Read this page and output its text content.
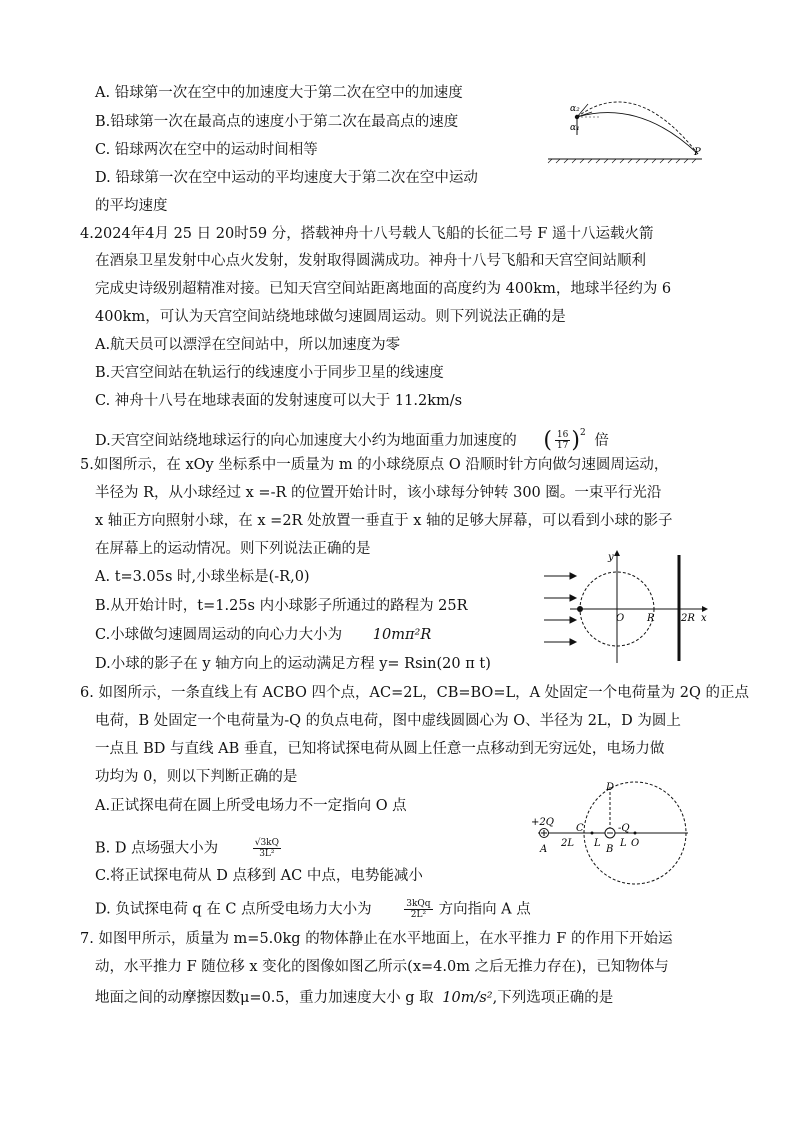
A. 铅球第一次在空中的加速度大于第二次在空中的加速度
B.铅球第一次在最高点的速度小于第二次在最高点的速度
C. 铅球两次在空中的运动时间相等
D. 铅球第一次在空中运动的平均速度大于第二次在空中运动
的平均速度
α₂
α₁
P
4.2024年4月 25 日 20时59 分，搭载神舟十八号载人飞船的长征二号 F 遥十八运载火箭
在酒泉卫星发射中心点火发射，发射取得圆满成功。神舟十八号飞船和天宫空间站顺利
完成史诗级别超精准对接。已知天宫空间站距离地面的高度约为 400km，地球半径约为 6
400km，可认为天宫空间站绕地球做匀速圆周运动。则下列说法正确的是
A.航天员可以漂浮在空间站中，所以加速度为零
B.天宫空间站在轨运行的线速度小于同步卫星的线速度
C. 神舟十八号在地球表面的发射速度可以大于 11.2km/s
D.天宫空间站绕地球运行的向心加速度大小约为地面重力加速度的 ( $\frac{16}{17} )^2$ 倍
5.如图所示，在 xOy 坐标系中一质量为 m 的小球绕原点 O 沿顺时针方向做匀速圆周运动，
半径为 R，从小球经过 x =-R 的位置开始计时，该小球每分钟转 300 圈。一束平行光沿
x 轴正方向照射小球，在 x =2R 处放置一垂直于 x 轴的足够大屏幕，可以看到小球的影子
在屏幕上的运动情况。则下列说法正确的是
A. t=3.05s 时,小球坐标是(-R,0)
B.从开始计时，t=1.25s 内小球影子所通过的路程为 25R
C.小球做匀速圆周运动的向心力大小为 10mπ²R
D.小球的影子在 y 轴方向上的运动满足方程 y= Rsin(20 π t)
y
x
O R	2R
6. 如图所示，一条直线上有 ACBO 四个点，AC=2L，CB=BO=L，A 处固定一个电荷量为 2Q 的正点
电荷，B 处固定一个电荷量为-Q 的负点电荷，图中虚线圆圆心为 O、半径为 2L，D 为圆上
一点且 BD 与直线 AB 垂直，已知将试探电荷从圆上任意一点移动到无穷远处，电场力做
功均为 0，则以下判断正确的是
A.正试探电荷在圆上所受电场力不一定指向 O 点
B. D 点场强大小为	$\frac{√3kQ}{\text{3L²}}$
C.将正试探电荷从 D 点移到 AC 中点，电势能减小
D. 负试探电荷 q 在 C 点所受电场力大小为	$\frac{\text{3kQq}}{\text{2L²}}$ 方向指向 A 点
D
+2Q
-Q
C
A
2L L
B
L O
7. 如图甲所示，质量为 m=5.0kg 的物体静止在水平地面上，在水平推力 F 的作用下开始运
动，水平推力 F 随位移 x 变化的图像如图乙所示(x=4.0m 之后无推力存在)，已知物体与
地面之间的动摩擦因数μ=0.5，重力加速度大小 g 取 10m/s²,下列选项正确的是
